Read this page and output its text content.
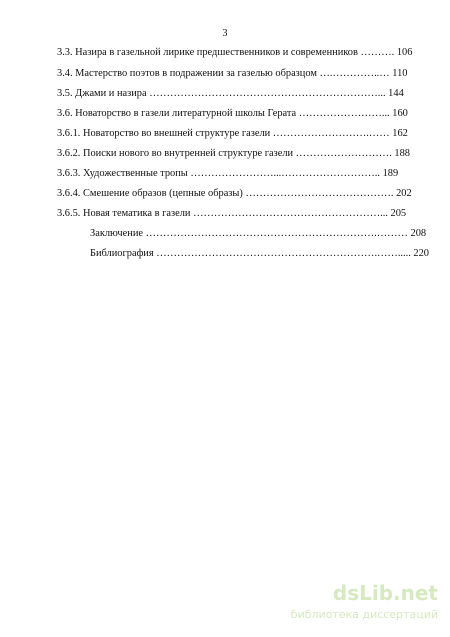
3
3.3. Назира в газельной лирике предшественников и современников ………. 106
3.4. Мастерство поэтов в подражении за газелью образцом ….…………..… 110
3.5. Джами и назира …………………………………………………………... 144
3.6. Новаторство в газели литературной школы Герата ……………………... 160
3.6.1. Новаторство во внешней структуре газели ……………………….…… 162
3.6.2. Поиски нового во внутренней структуре газели ………………………. 188
3.6.3. Художественные тропы ……………………...……………………….. 189
3.6.4. Смешение образов (цепные образы) ……………………………………. 202
3.6.5. Новая тематика в газели ………………………………………………... 205
Заключение ………………………………………………………….……… 208
Библиография ……………………………………………………….……..... 220
dsLib.net
библиотека диссертаций
